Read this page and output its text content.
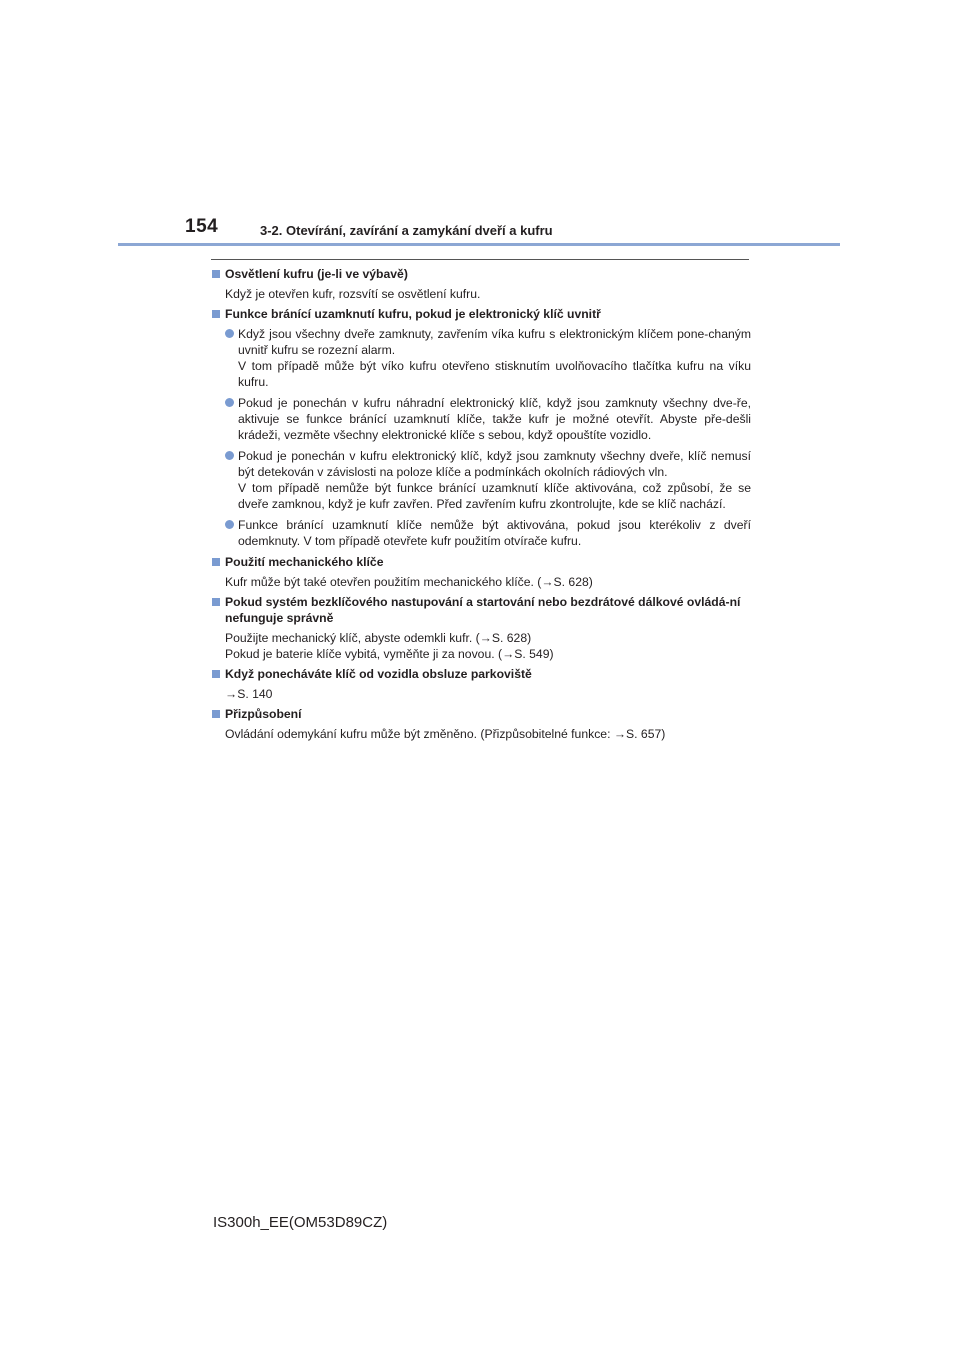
154	3-2. Otevírání, zavírání a zamykání dveří a kufru
Osvětlení kufru (je-li ve výbavě)
Když je otevřen kufr, rozsvítí se osvětlení kufru.
Funkce bránící uzamknutí kufru, pokud je elektronický klíč uvnitř
Když jsou všechny dveře zamknuty, zavřením víka kufru s elektronickým klíčem pone-chaným uvnitř kufru se rozezní alarm.
V tom případě může být víko kufru otevřeno stisknutím uvolňovacího tlačítka kufru na víku kufru.
Pokud je ponechán v kufru náhradní elektronický klíč, když jsou zamknuty všechny dve-ře, aktivuje se funkce bránící uzamknutí klíče, takže kufr je možné otevřít. Abyste pře-dešli krádeži, vezměte všechny elektronické klíče s sebou, když opouštíte vozidlo.
Pokud je ponechán v kufru elektronický klíč, když jsou zamknuty všechny dveře, klíč nemusí být detekován v závislosti na poloze klíče a podmínkách okolních rádiových vln.
V tom případě nemůže být funkce bránící uzamknutí klíče aktivována, což způsobí, že se dveře zamknou, když je kufr zavřen. Před zavřením kufru zkontrolujte, kde se klíč nachází.
Funkce bránící uzamknutí klíče nemůže být aktivována, pokud jsou kterékoliv z dveří odemknuty. V tom případě otevřete kufr použitím otvírače kufru.
Použití mechanického klíče
Kufr může být také otevřen použitím mechanického klíče. (→S. 628)
Pokud systém bezklíčového nastupování a startování nebo bezdrátové dálkové ovládá-ní nefunguje správně
Použijte mechanický klíč, abyste odemkli kufr. (→S. 628)
Pokud je baterie klíče vybitá, vyměňte ji za novou. (→S. 549)
Když ponecháváte klíč od vozidla obsluze parkoviště
→S. 140
Přizpůsobení
Ovládání odemykání kufru může být změněno. (Přizpůsobitelné funkce: →S. 657)
IS300h_EE(OM53D89CZ)
